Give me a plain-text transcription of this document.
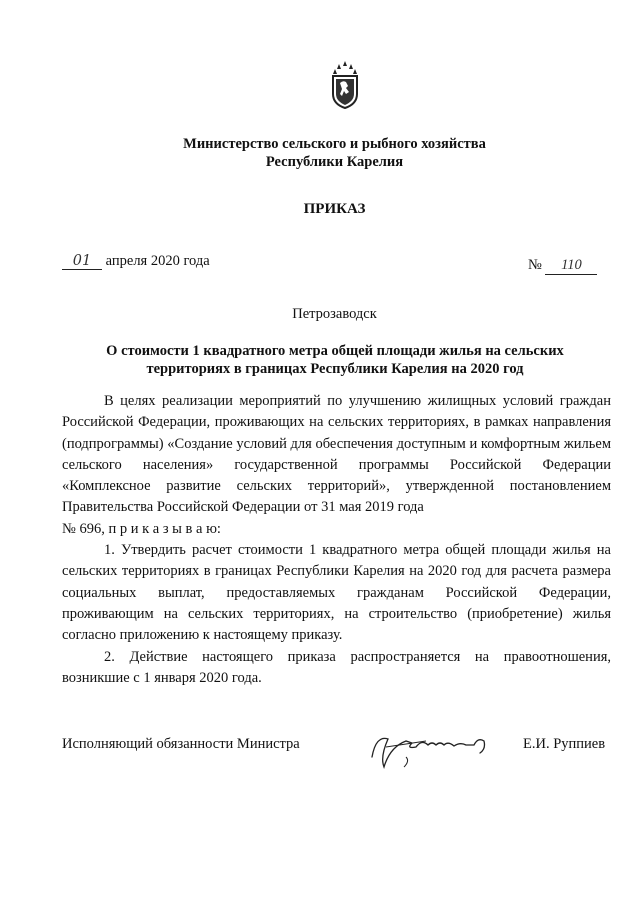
Министерство сельского и рыбного хозяйства
Республики Карелия
ПРИКАЗ
01 апреля 2020 года	№ 110
Петрозаводск
О стоимости 1 квадратного метра общей площади жилья на сельских
территориях в границах Республики Карелия на 2020 год

В целях реализации мероприятий по улучшению жилищных условий граждан Российской Федерации, проживающих на сельских территориях, в рамках направления (подпрограммы) «Создание условий для обеспечения доступным и комфортным жильем сельского населения» государственной программы Российской Федерации «Комплексное развитие сельских территорий», утвержденной постановлением Правительства Российской Федерации от 31 мая 2019 года

№ 696, п р и к а з ы в а ю:

1. Утвердить расчет стоимости 1 квадратного метра общей площади жилья на сельских территориях в границах Республики Карелия на 2020 год для расчета размера социальных выплат, предоставляемых гражданам Российской Федерации, проживающим на сельских территориях, на строительство (приобретение) жилья согласно приложению к настоящему приказу.

2. Действие настоящего приказа распространяется на правоотношения, возникшие с 1 января 2020 года.

Исполняющий обязанности Министра	Е.И. Руппиев
